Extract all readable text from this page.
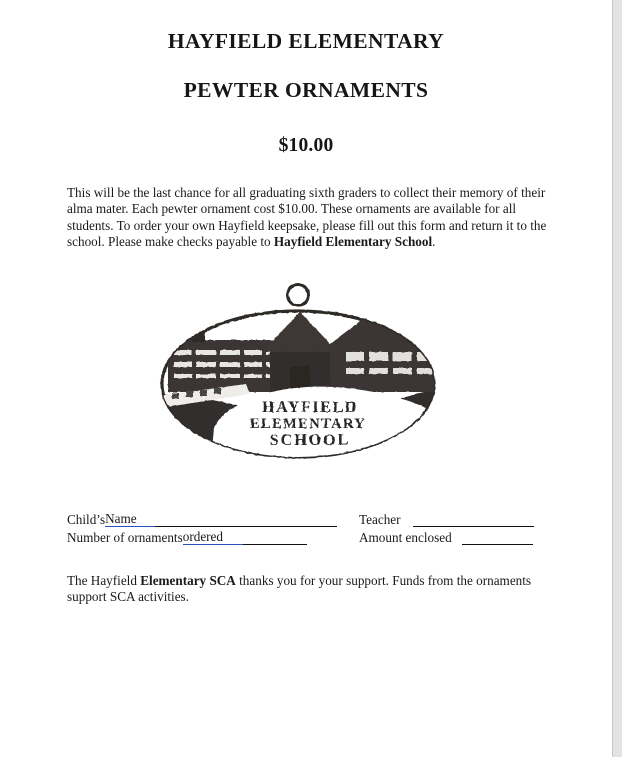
HAYFIELD ELEMENTARY
PEWTER ORNAMENTS
$10.00

This will be the last chance for all graduating sixth graders to collect their memory of their alma mater. Each pewter ornament cost $10.00. These ornaments are available for all students. To order your own Hayfield keepsake, please fill out this form and return it to the school. Please make checks payable to Hayfield Elementary School.

HAYFIELD
ELEMENTARY
SCHOOL
Child’s Name	Teacher
Number of ornaments ordered	Amount enclosed

The Hayfield Elementary SCA thanks you for your support. Funds from the ornaments support SCA activities.
